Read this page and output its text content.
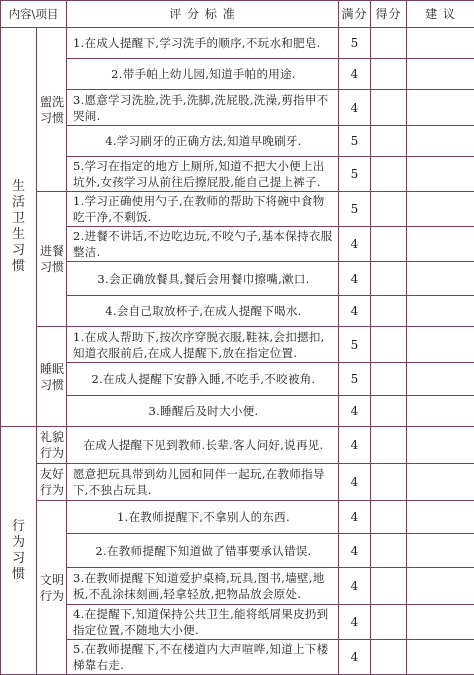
内容\项目		评 分 标 准	满分	得分	建 议
生活卫生习惯	盥洗习惯	1.在成人提醒下,学习洗手的顺序,不玩水和肥皂.	5		
		2.带手帕上幼儿园,知道手帕的用途.	4		
		3.愿意学习洗脸,洗手,洗脚,洗屁股,洗澡,剪指甲不哭闹.	4		
		4.学习刷牙的正确方法,知道早晚刷牙.	5		
		5.学习在指定的地方上厕所,知道不把大小便上出坑外,女孩学习从前往后擦屁股,能自己提上裤子.	5		
	进餐习惯	1.学习正确使用勺子,在教师的帮助下将碗中食物吃干净,不剩饭.	5		
		2.进餐不讲话,不边吃边玩,不咬勺子,基本保持衣服整洁.	4		
		3.会正确放餐具,餐后会用餐巾擦嘴,漱口.	4		
		4.会自己取放杯子,在成人提醒下喝水.	4		
	睡眠习惯	1.在成人帮助下,按次序穿脱衣服,鞋袜,会扣摁扣,知道衣服前后,在成人提醒下,放在指定位置.	5		
		2.在成人提醒下安静入睡,不吃手,不咬被角.	5		
		3.睡醒后及时大小便.	4		
行为习惯	礼貌行为	在成人提醒下见到教师.长辈.客人问好,说再见.	4		
	友好行为	愿意把玩具带到幼儿园和同伴一起玩,在教师指导下,不独占玩具.	4		
	文明行为	1.在教师提醒下,不拿别人的东西.	4		
		2.在教师提醒下知道做了错事要承认错误.	4		
		3.在教师提醒下知道爱护桌椅,玩具,图书,墙壁,地板,不乱涂抹刻画,轻拿轻放,把物品放会原处.	4		
		4.在提醒下,知道保持公共卫生,能将纸屑果皮扔到指定位置,不随地大小便.	4		
		5.在教师提醒下,不在楼道内大声喧哗,知道上下楼梯靠右走.	4		
